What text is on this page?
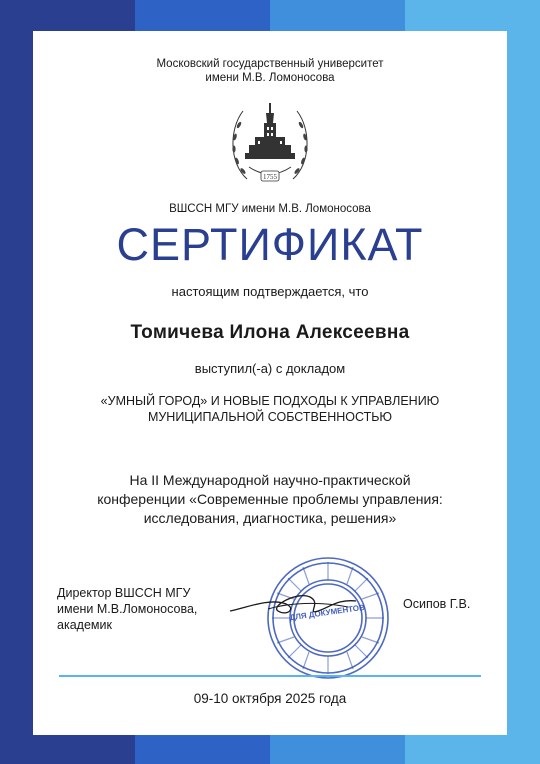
Московский государственный университет
имени М.В. Ломоносова
1755
ВШССН МГУ имени М.В. Ломоносова
СЕРТИФИКАТ
настоящим подтверждается, что
Томичева Илона Алексеевна
выступил(-а) с докладом
«УМНЫЙ ГОРОД» И НОВЫЕ ПОДХОДЫ К УПРАВЛЕНИЮ
МУНИЦИПАЛЬНОЙ СОБСТВЕННОСТЬЮ
На II Международной научно-практической
конференции «Современные проблемы управления:
исследования, диагностика, решения»
Директор ВШССН МГУ
имени М.В.Ломоносова,
академик
ДЛЯ ДОКУМЕНТОВ	Осипов Г.В.
09-10 октября 2025 года
